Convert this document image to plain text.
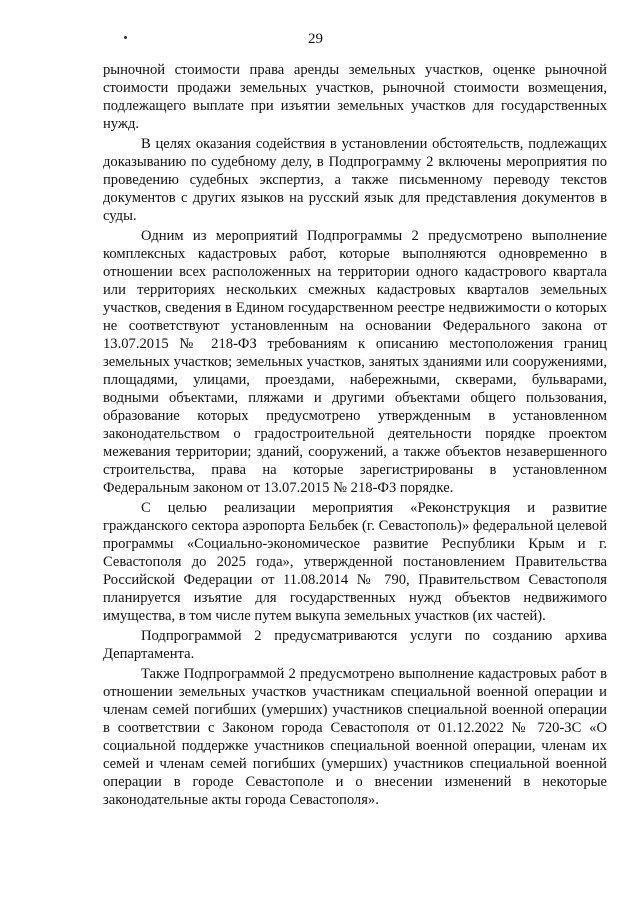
29

рыночной стоимости права аренды земельных участков, оценке рыночной стоимости продажи земельных участков, рыночной стоимости возмещения, подлежащего выплате при изъятии земельных участков для государственных нужд.

В целях оказания содействия в установлении обстоятельств, подлежащих доказыванию по судебному делу, в Подпрограмму 2 включены мероприятия по проведению судебных экспертиз, а также письменному переводу текстов документов с других языков на русский язык для представления документов в суды.

Одним из мероприятий Подпрограммы 2 предусмотрено выполнение комплексных кадастровых работ, которые выполняются одновременно в отношении всех расположенных на территории одного кадастрового квартала или территориях нескольких смежных кадастровых кварталов земельных участков, сведения в Едином государственном реестре недвижимости о которых не соответствуют установленным на основании Федерального закона от 13.07.2015 № 218-ФЗ требованиям к описанию местоположения границ земельных участков; земельных участков, занятых зданиями или сооружениями, площадями, улицами, проездами, набережными, скверами, бульварами, водными объектами, пляжами и другими объектами общего пользования, образование которых предусмотрено утвержденным в установленном законодательством о градостроительной деятельности порядке проектом межевания территории; зданий, сооружений, а также объектов незавершенного строительства, права на которые зарегистрированы в установленном Федеральным законом от 13.07.2015 № 218-ФЗ порядке.

С целью реализации мероприятия «Реконструкция и развитие гражданского сектора аэропорта Бельбек (г. Севастополь)» федеральной целевой программы «Социально-экономическое развитие Республики Крым и г. Севастополя до 2025 года», утвержденной постановлением Правительства Российской Федерации от 11.08.2014 № 790, Правительством Севастополя планируется изъятие для государственных нужд объектов недвижимого имущества, в том числе путем выкупа земельных участков (их частей).

Подпрограммой 2 предусматриваются услуги по созданию архива Департамента.

Также Подпрограммой 2 предусмотрено выполнение кадастровых работ в отношении земельных участков участникам специальной военной операции и членам семей погибших (умерших) участников специальной военной операции в соответствии с Законом города Севастополя от 01.12.2022 № 720-ЗС «О социальной поддержке участников специальной военной операции, членам их семей и членам семей погибших (умерших) участников специальной военной операции в городе Севастополе и о внесении изменений в некоторые законодательные акты города Севастополя».
